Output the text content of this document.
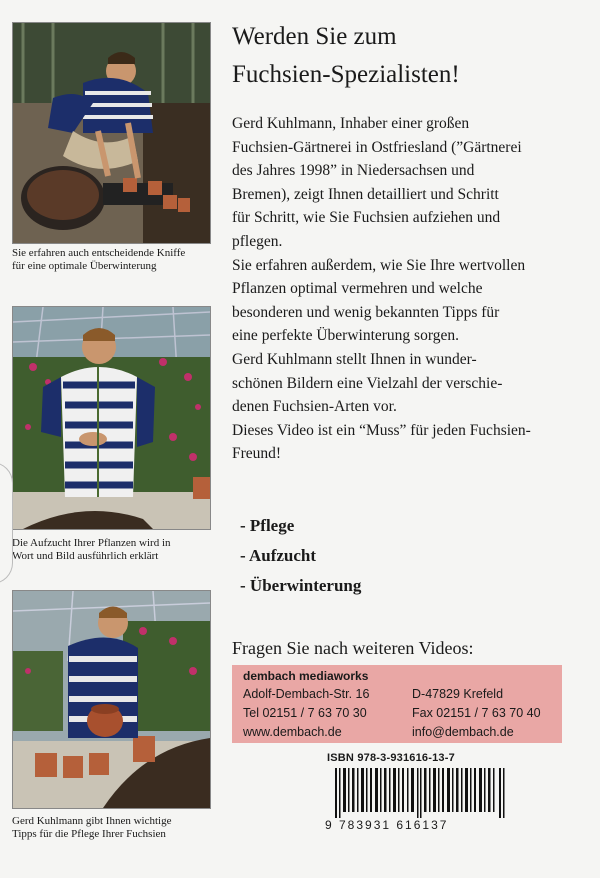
Sie erfahren auch entscheidende Kniffe
für eine optimale Überwinterung
Die Aufzucht Ihrer Pflanzen wird in
Wort und Bild ausführlich erklärt
Gerd Kuhlmann gibt Ihnen wichtige
Tipps für die Pflege Ihrer Fuchsien
Werden Sie zum
Fuchsien-Spezialisten!
Gerd Kuhlmann, Inhaber einer großen
Fuchsien-Gärtnerei in Ostfriesland (”Gärtnerei
des Jahres 1998” in Niedersachsen und
Bremen), zeigt Ihnen detailliert und Schritt
für Schritt, wie Sie Fuchsien aufziehen und
pflegen.
Sie erfahren außerdem, wie Sie Ihre wertvollen
Pflanzen optimal vermehren und welche
besonderen und wenig bekannten Tipps für
eine perfekte Überwinterung sorgen.
Gerd Kuhlmann stellt Ihnen in wunder-
schönen Bildern eine Vielzahl der verschie-
denen Fuchsien-Arten vor.
Dieses Video ist ein “Muss” für jeden Fuchsien-
Freund!
- Pflege
- Aufzucht
- Überwinterung
Fragen Sie nach weiteren Videos:
dembach mediaworks
Adolf-Dembach-Str. 16	D-47829 Krefeld
Tel 02151 / 7 63 70 30	Fax 02151 / 7 63 70 40
www.dembach.de	info@dembach.de
ISBN 978-3-931616-13-7
9 783931 616137
